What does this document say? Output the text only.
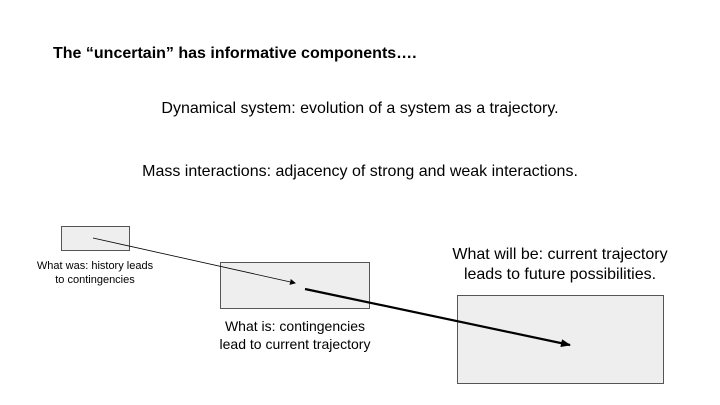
The “uncertain” has informative components….
Dynamical system: evolution of a system as a trajectory.
Mass interactions: adjacency of strong and weak interactions.
What was: history leads
to contingencies
What is: contingencies
lead to current trajectory
What will be: current trajectory
leads to future possibilities.
